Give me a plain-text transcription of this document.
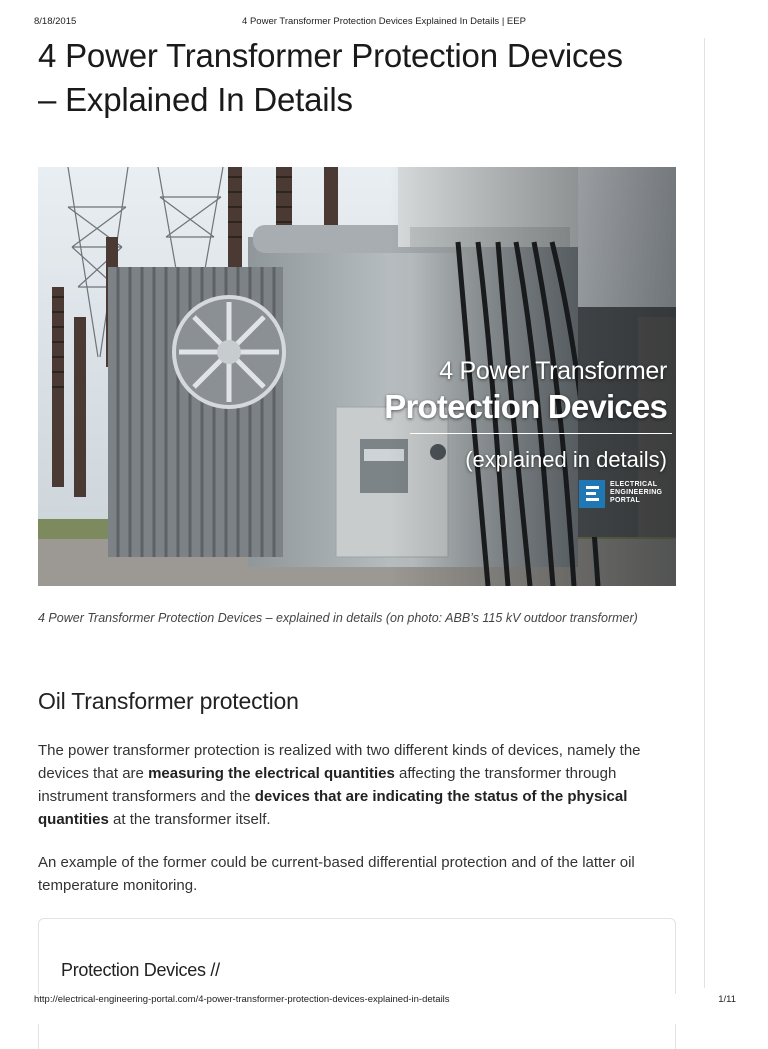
8/18/2015	4 Power Transformer Protection Devices Explained In Details | EEP
4 Power Transformer Protection Devices
– Explained In Details
4 Power Transformer
Protection Devices
(explained in details)
ELECTRICAL
ENGINEERING
PORTAL
4 Power Transformer Protection Devices – explained in details (on photo: ABB’s 115 kV outdoor transformer)
Oil Transformer protection

The power transformer protection is realized with two different kinds of devices, namely the devices that are measuring the electrical quantities affecting the transformer through instrument transformers and the devices that are indicating the status of the physical quantities at the transformer itself.

An example of the former could be current-based differential protection and of the latter oil temperature monitoring.

Protection Devices //
http://electrical-engineering-portal.com/4-power-transformer-protection-devices-explained-in-details	1/11
